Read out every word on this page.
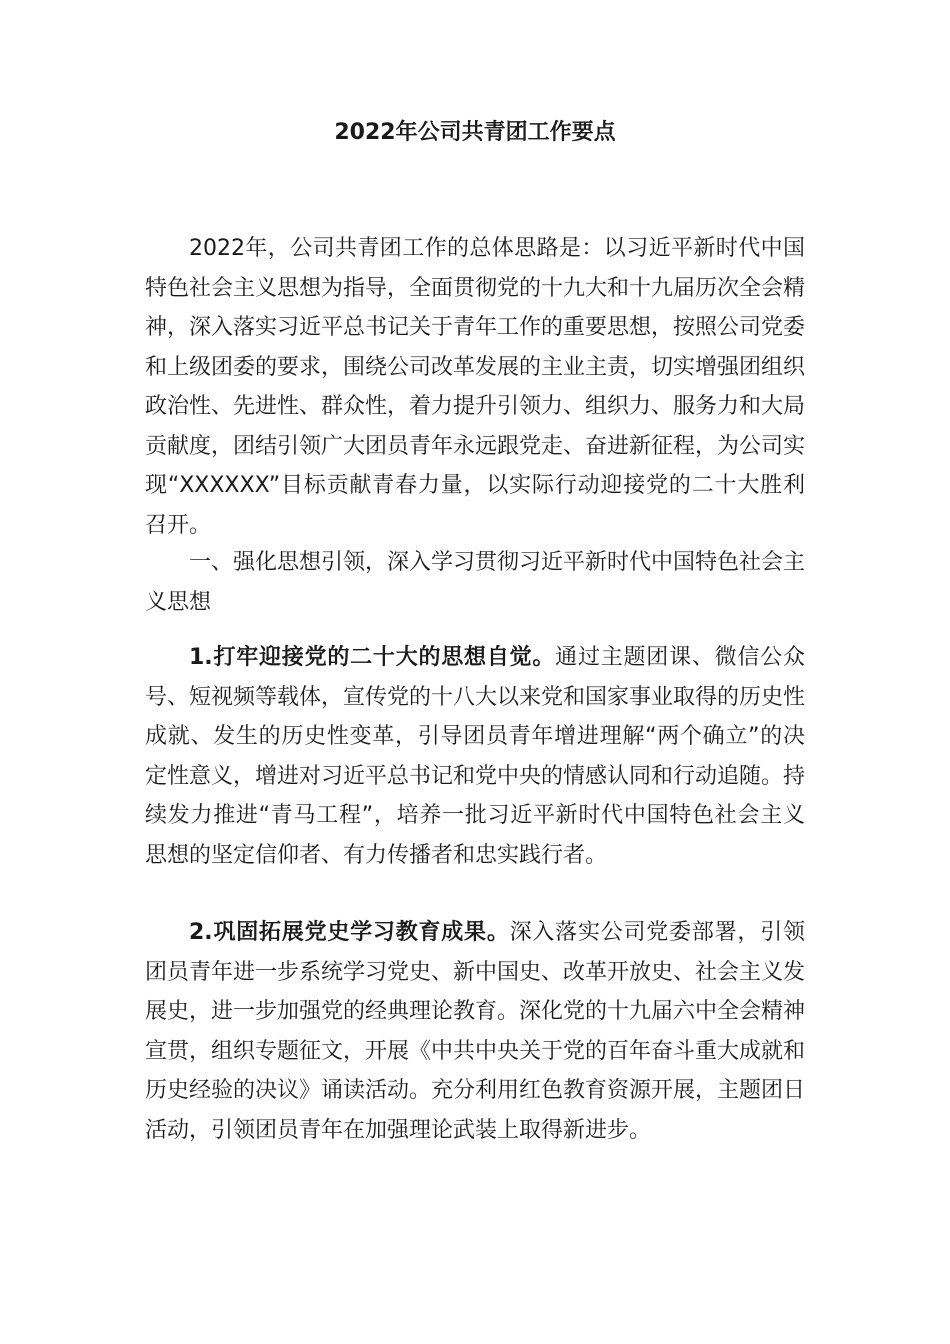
2022年公司共青团工作要点

2022年，公司共青团工作的总体思路是：以习近平新时代中国特色社会主义思想为指导，全面贯彻党的十九大和十九届历次全会精神，深入落实习近平总书记关于青年工作的重要思想，按照公司党委和上级团委的要求，围绕公司改革发展的主业主责，切实增强团组织政治性、先进性、群众性，着力提升引领力、组织力、服务力和大局贡献度，团结引领广大团员青年永远跟党走、奋进新征程，为公司实现“XXXXXX”目标贡献青春力量，以实际行动迎接党的二十大胜利召开。

一、强化思想引领，深入学习贯彻习近平新时代中国特色社会主义思想

1.打牢迎接党的二十大的思想自觉。通过主题团课、微信公众号、短视频等载体，宣传党的十八大以来党和国家事业取得的历史性成就、发生的历史性变革，引导团员青年增进理解“两个确立”的决定性意义，增进对习近平总书记和党中央的情感认同和行动追随。持续发力推进“青马工程”，培养一批习近平新时代中国特色社会主义思想的坚定信仰者、有力传播者和忠实践行者。

2.巩固拓展党史学习教育成果。深入落实公司党委部署，引领团员青年进一步系统学习党史、新中国史、改革开放史、社会主义发展史，进一步加强党的经典理论教育。深化党的十九届六中全会精神宣贯，组织专题征文，开展《中共中央关于党的百年奋斗重大成就和历史经验的决议》诵读活动。充分利用红色教育资源开展，主题团日活动，引领团员青年在加强理论武装上取得新进步。
